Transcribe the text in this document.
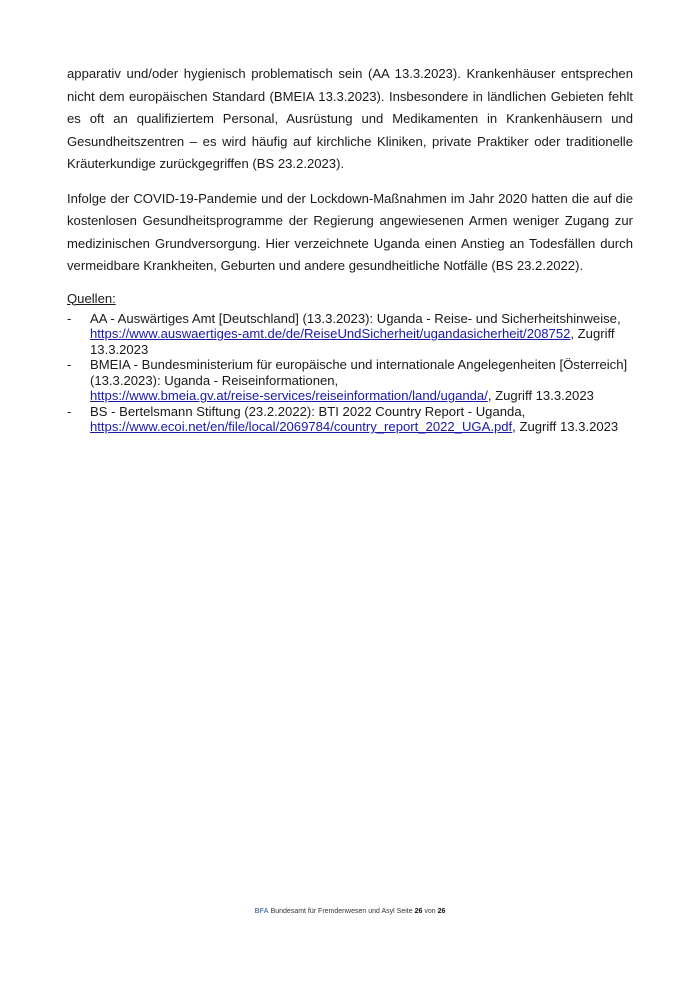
apparativ und/oder hygienisch problematisch sein (AA 13.3.2023). Krankenhäuser entsprechen nicht dem europäischen Standard (BMEIA 13.3.2023). Insbesondere in ländlichen Gebieten fehlt es oft an qualifiziertem Personal, Ausrüstung und Medikamenten in Krankenhäusern und Gesundheitszentren – es wird häufig auf kirchliche Kliniken, private Praktiker oder traditionelle Kräuterkundige zurückgegriffen (BS 23.2.2023).

Infolge der COVID-19-Pandemie und der Lockdown-Maßnahmen im Jahr 2020 hatten die auf die kostenlosen Gesundheitsprogramme der Regierung angewiesenen Armen weniger Zugang zur medizinischen Grundversorgung. Hier verzeichnete Uganda einen Anstieg an Todesfällen durch vermeidbare Krankheiten, Geburten und andere gesundheitliche Notfälle (BS 23.2.2022).

Quellen:
- AA - Auswärtiges Amt [Deutschland] (13.3.2023): Uganda - Reise- und Sicherheitshinweise,
https://www.auswaertiges-amt.de/de/ReiseUndSicherheit/ugandasicherheit/208752, Zugriff 13.3.2023
- BMEIA - Bundesministerium für europäische und internationale Angelegenheiten [Österreich] (13.3.2023): Uganda - Reiseinformationen,
https://www.bmeia.gv.at/reise-services/reiseinformation/land/uganda/, Zugriff 13.3.2023
- BS - Bertelsmann Stiftung (23.2.2022): BTI 2022 Country Report - Uganda,
https://www.ecoi.net/en/file/local/2069784/country_report_2022_UGA.pdf, Zugriff 13.3.2023
BFA Bundesamt für Fremdenwesen und Asyl Seite 26 von 26
